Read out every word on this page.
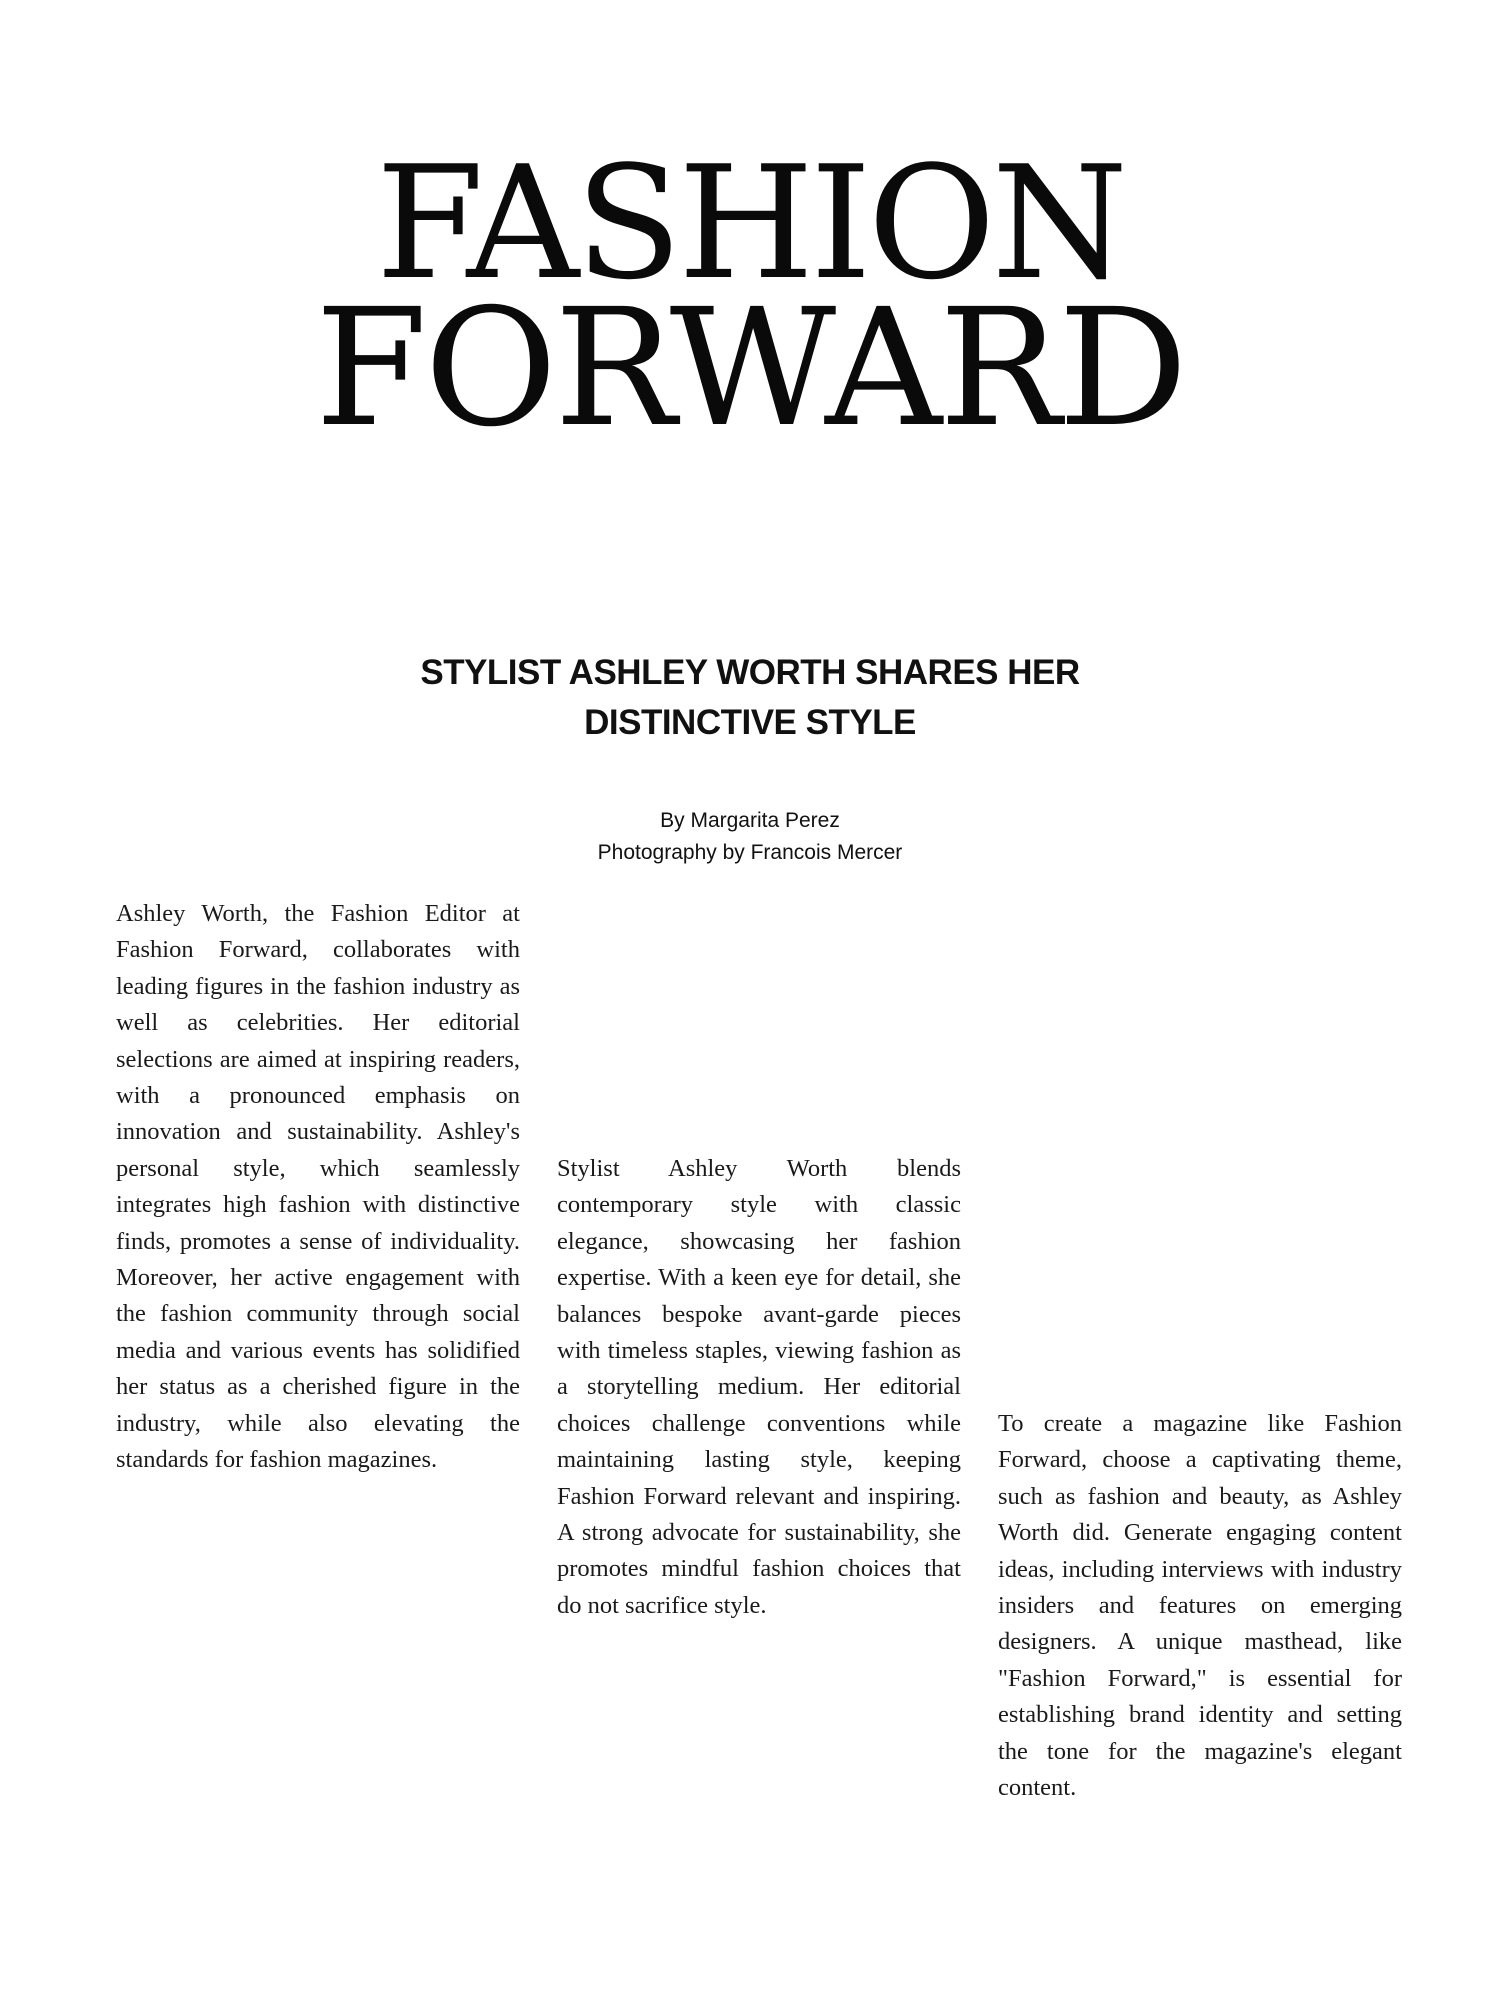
FASHION
FORWARD
STYLIST ASHLEY WORTH SHARES HER
DISTINCTIVE STYLE
By Margarita Perez
Photography by Francois Mercer

Ashley Worth, the Fashion Editor at Fashion Forward, collaborates with leading figures in the fashion industry as well as celebrities. Her editorial selections are aimed at inspiring readers, with a pronounced emphasis on innovation and sustainability. Ashley's personal style, which seamlessly integrates high fashion with distinctive finds, promotes a sense of individuality. Moreover, her active engagement with the fashion community through social media and various events has solidified her status as a cherished figure in the industry, while also elevating the standards for fashion magazines.

Stylist Ashley Worth blends contemporary style with classic elegance, showcasing her fashion expertise. With a keen eye for detail, she balances bespoke avant-garde pieces with timeless staples, viewing fashion as a storytelling medium. Her editorial choices challenge conventions while maintaining lasting style, keeping Fashion Forward relevant and inspiring. A strong advocate for sustainability, she promotes mindful fashion choices that do not sacrifice style.

To create a magazine like Fashion Forward, choose a captivating theme, such as fashion and beauty, as Ashley Worth did. Generate engaging content ideas, including interviews with industry insiders and features on emerging designers. A unique masthead, like "Fashion Forward," is essential for establishing brand identity and setting the tone for the magazine's elegant content.
